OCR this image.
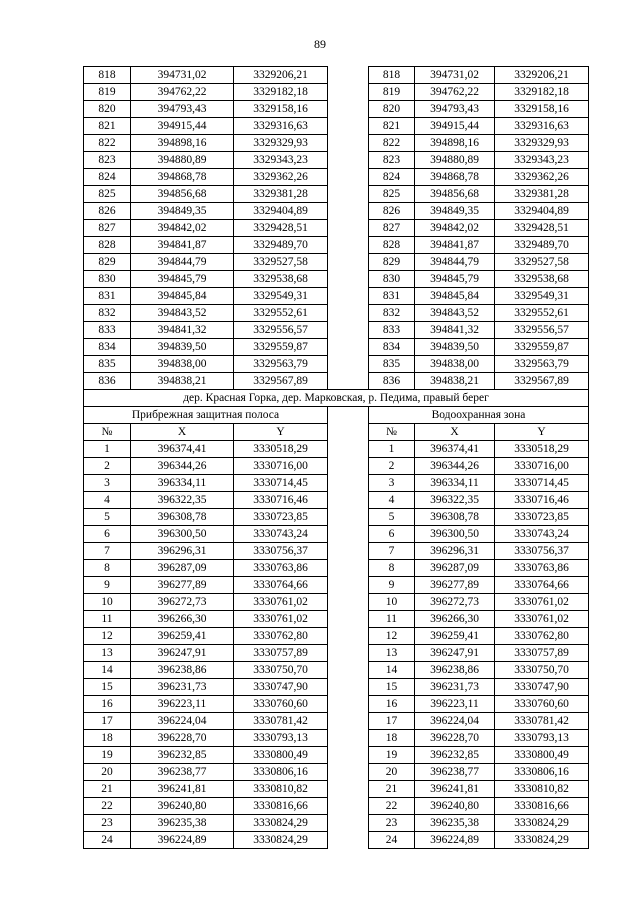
89
818	394731,02	3329206,21		818	394731,02	3329206,21
819	394762,22	3329182,18		819	394762,22	3329182,18
820	394793,43	3329158,16		820	394793,43	3329158,16
821	394915,44	3329316,63		821	394915,44	3329316,63
822	394898,16	3329329,93		822	394898,16	3329329,93
823	394880,89	3329343,23		823	394880,89	3329343,23
824	394868,78	3329362,26		824	394868,78	3329362,26
825	394856,68	3329381,28		825	394856,68	3329381,28
826	394849,35	3329404,89		826	394849,35	3329404,89
827	394842,02	3329428,51		827	394842,02	3329428,51
828	394841,87	3329489,70		828	394841,87	3329489,70
829	394844,79	3329527,58		829	394844,79	3329527,58
830	394845,79	3329538,68		830	394845,79	3329538,68
831	394845,84	3329549,31		831	394845,84	3329549,31
832	394843,52	3329552,61		832	394843,52	3329552,61
833	394841,32	3329556,57		833	394841,32	3329556,57
834	394839,50	3329559,87		834	394839,50	3329559,87
835	394838,00	3329563,79		835	394838,00	3329563,79
836	394838,21	3329567,89		836	394838,21	3329567,89
дер. Красная Горка, дер. Марковская, р. Педима, правый берег						
Прибрежная защитная полоса				Водоохранная зона		
№	X	Y		№	X	Y
1	396374,41	3330518,29		1	396374,41	3330518,29
2	396344,26	3330716,00		2	396344,26	3330716,00
3	396334,11	3330714,45		3	396334,11	3330714,45
4	396322,35	3330716,46		4	396322,35	3330716,46
5	396308,78	3330723,85		5	396308,78	3330723,85
6	396300,50	3330743,24		6	396300,50	3330743,24
7	396296,31	3330756,37		7	396296,31	3330756,37
8	396287,09	3330763,86		8	396287,09	3330763,86
9	396277,89	3330764,66		9	396277,89	3330764,66
10	396272,73	3330761,02		10	396272,73	3330761,02
11	396266,30	3330761,02		11	396266,30	3330761,02
12	396259,41	3330762,80		12	396259,41	3330762,80
13	396247,91	3330757,89		13	396247,91	3330757,89
14	396238,86	3330750,70		14	396238,86	3330750,70
15	396231,73	3330747,90		15	396231,73	3330747,90
16	396223,11	3330760,60		16	396223,11	3330760,60
17	396224,04	3330781,42		17	396224,04	3330781,42
18	396228,70	3330793,13		18	396228,70	3330793,13
19	396232,85	3330800,49		19	396232,85	3330800,49
20	396238,77	3330806,16		20	396238,77	3330806,16
21	396241,81	3330810,82		21	396241,81	3330810,82
22	396240,80	3330816,66		22	396240,80	3330816,66
23	396235,38	3330824,29		23	396235,38	3330824,29
24	396224,89	3330824,29		24	396224,89	3330824,29
